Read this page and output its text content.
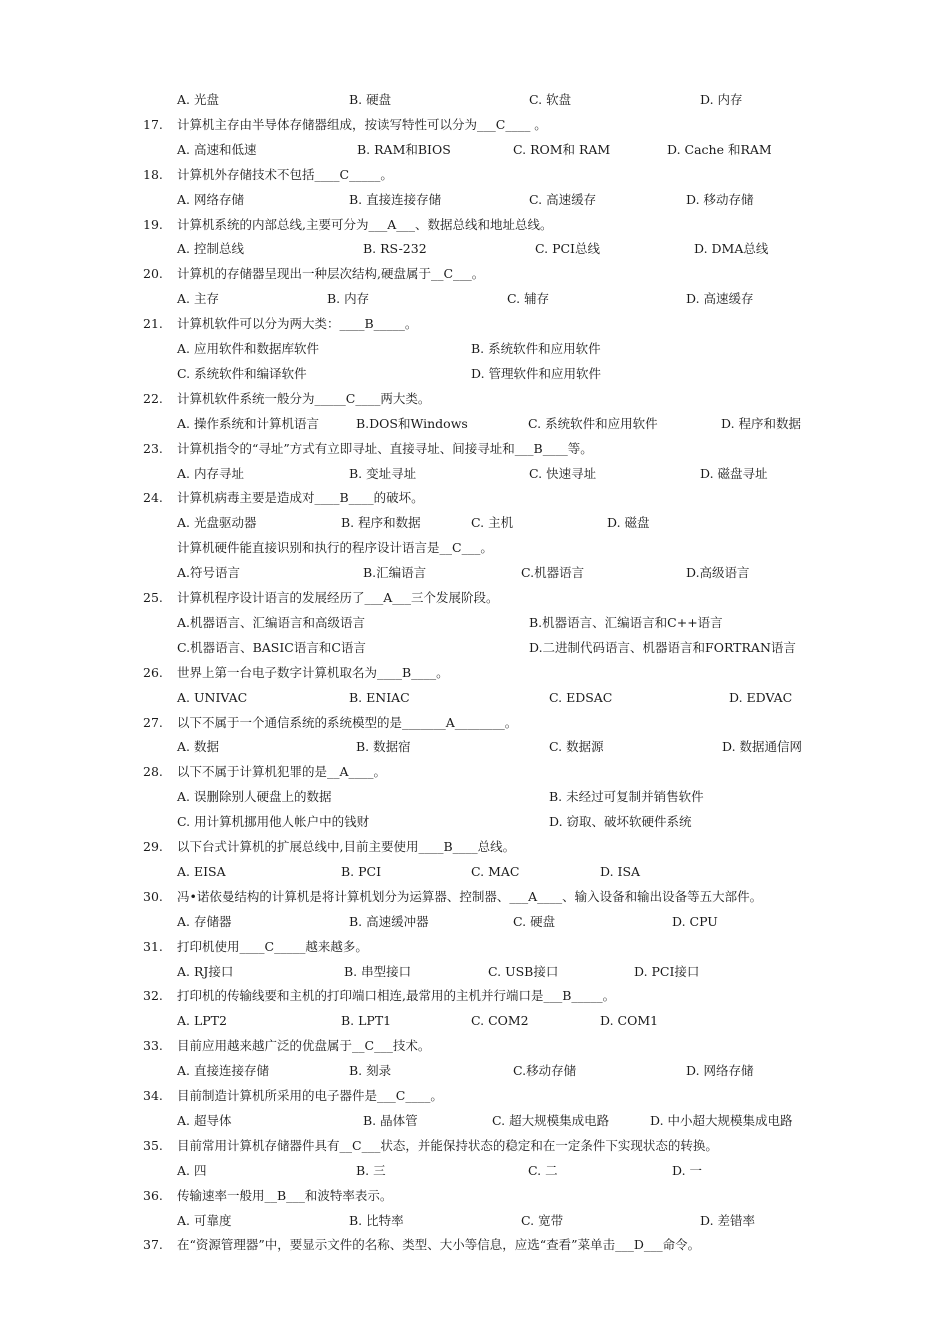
A. 光盘	B. 硬盘	C. 软盘	D. 内存
17. 计算机主存由半导体存储器组成，按读写特性可以分为___C____ 。
A. 高速和低速	B. RAM和BIOS	C. ROM和 RAM	D. Cache 和RAM
18. 计算机外存储技术不包括____C_____。
A. 网络存储	B. 直接连接存储	C. 高速缓存	D. 移动存储
19. 计算机系统的内部总线,主要可分为___A___、数据总线和地址总线。
A. 控制总线	B. RS-232	C. PCI总线	D. DMA总线
20. 计算机的存储器呈现出一种层次结构,硬盘属于__C___。
A. 主存	B. 内存	C. 辅存	D. 高速缓存
21. 计算机软件可以分为两大类：____B_____。
A. 应用软件和数据库软件	B. 系统软件和应用软件
C. 系统软件和编译软件	D. 管理软件和应用软件
22. 计算机软件系统一般分为_____C____两大类。
A. 操作系统和计算机语言	B.DOS和Windows	C. 系统软件和应用软件	D. 程序和数据
23. 计算机指令的“寻址”方式有立即寻址、直接寻址、间接寻址和___B____等。
A. 内存寻址	B. 变址寻址	C. 快速寻址	D. 磁盘寻址
24. 计算机病毒主要是造成对____B____的破坏。
A. 光盘驱动器	B. 程序和数据	C. 主机	D. 磁盘
计算机硬件能直接识别和执行的程序设计语言是__C___。
A.符号语言	B.汇编语言	C.机器语言	D.高级语言
25. 计算机程序设计语言的发展经历了___A___三个发展阶段。
A.机器语言、汇编语言和高级语言	B.机器语言、汇编语言和C++语言
C.机器语言、BASIC语言和C语言	D.二进制代码语言、机器语言和FORTRAN语言
26. 世界上第一台电子数字计算机取名为____B____。
A. UNIVAC	B. ENIAC	C. EDSAC	D. EDVAC
27. 以下不属于一个通信系统的系统模型的是_______A________。
A. 数据	B. 数据宿	C. 数据源	D. 数据通信网
28. 以下不属于计算机犯罪的是__A____。
A. 误删除别人硬盘上的数据	B. 未经过可复制并销售软件
C. 用计算机挪用他人帐户中的钱财	D. 窃取、破坏软硬件系统
29. 以下台式计算机的扩展总线中,目前主要使用____B____总线。
A. EISA	B. PCI	C. MAC	D. ISA
30. 冯•诺依曼结构的计算机是将计算机划分为运算器、控制器、___A____、输入设备和输出设备等五大部件。
A. 存储器	B. 高速缓冲器	C. 硬盘	D. CPU
31. 打印机使用____C_____越来越多。
A. RJ接口	B. 串型接口	C. USB接口	D. PCI接口
32. 打印机的传输线要和主机的打印端口相连,最常用的主机并行端口是___B_____。
A. LPT2	B. LPT1	C. COM2	D. COM1
33. 目前应用越来越广泛的优盘属于__C___技术。
A. 直接连接存储	B. 刻录	C.移动存储	D. 网络存储
34. 目前制造计算机所采用的电子器件是___C____。
A. 超导体	B. 晶体管	C. 超大规模集成电路	D. 中小超大规模集成电路
35. 目前常用计算机存储器件具有__C___状态，并能保持状态的稳定和在一定条件下实现状态的转换。
A. 四	B. 三	C. 二	D. 一
36. 传输速率一般用__B___和波特率表示。
A. 可靠度	B. 比特率	C. 宽带	D. 差错率
37. 在“资源管理器”中，要显示文件的名称、类型、大小等信息，应选“查看”菜单击___D___命令。
